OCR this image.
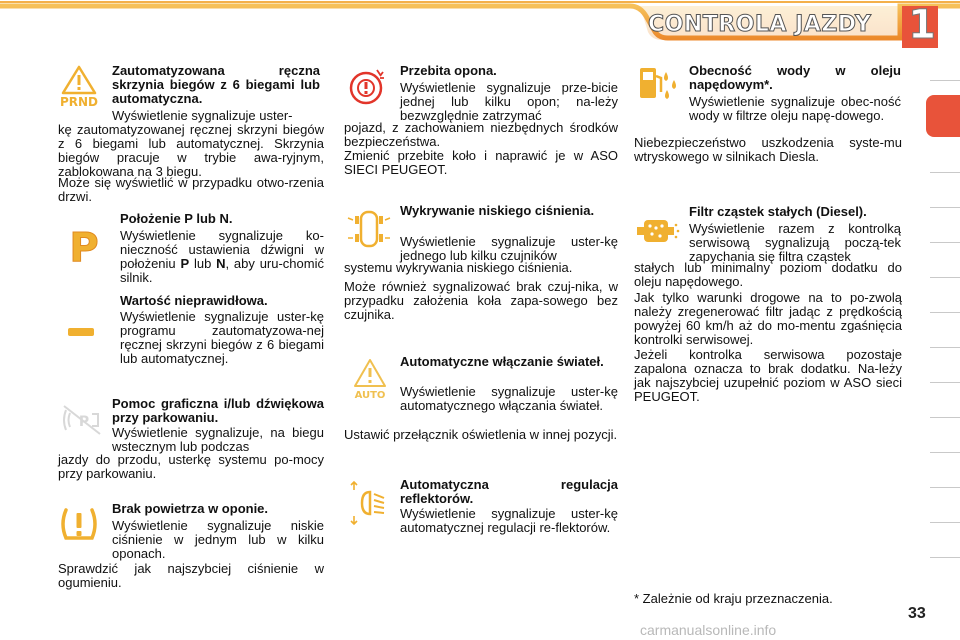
CONTROLA JAZDY 1
PRND
Zautomatyzowana ręczna skrzynia biegów z 6 biegami lub automatyczna.
Wyświetlenie sygnalizuje uster-
kę zautomatyzowanej ręcznej skrzyni biegów z 6 biegami lub automatycznej. Skrzynia biegów pracuje w trybie awa-ryjnym, zablokowana na 3 biegu.
Może się wyświetlić w przypadku otwo-rzenia drzwi.
P
Położenie P lub N.
Wyświetlenie sygnalizuje ko-nieczność ustawienia dźwigni w położeniu P lub N, aby uru-chomić silnik.
Wartość nieprawidłowa.
Wyświetlenie sygnalizuje uster-kę programu zautomatyzowa-nej ręcznej skrzyni biegów z 6 biegami lub automatycznej.
P
Pomoc graficzna i/lub dźwiękowa przy parkowaniu.
Wyświetlenie sygnalizuje, na biegu wstecznym lub podczas
jazdy do przodu, usterkę systemu po-mocy przy parkowaniu.
Brak powietrza w oponie.
Wyświetlenie sygnalizuje niskie ciśnienie w jednym lub w kilku oponach.
Sprawdzić jak najszybciej ciśnienie w ogumieniu.
Przebita opona.
Wyświetlenie sygnalizuje prze-bicie jednej lub kilku opon; na-leży bezwzględnie zatrzymać
pojazd, z zachowaniem niezbędnych środków bezpieczeństwa.
Zmienić przebite koło i naprawić je w ASO SIECI PEUGEOT.
Wykrywanie niskiego ciśnienia.
Wyświetlenie sygnalizuje uster-kę jednego lub kilku czujników
systemu wykrywania niskiego ciśnienia.
Może również sygnalizować brak czuj-nika, w przypadku założenia koła zapa-sowego bez czujnika.
AUTO
Automatyczne włączanie świateł.
Wyświetlenie sygnalizuje uster-kę automatycznego włączania świateł.
Ustawić przełącznik oświetlenia w innej pozycji.
Automatyczna regulacja reflektorów.
Wyświetlenie sygnalizuje uster-kę automatycznej regulacji re-flektorów.
Obecność wody w oleju napędowym*.
Wyświetlenie sygnalizuje obec-ność wody w filtrze oleju napę-dowego.
Niebezpieczeństwo uszkodzenia syste-mu wtryskowego w silnikach Diesla.
Filtr cząstek stałych (Diesel).
Wyświetlenie razem z kontrolką serwisową sygnalizują począ-tek zapychania się filtra cząstek
stałych lub minimalny poziom dodatku do oleju napędowego.
Jak tylko warunki drogowe na to po-zwolą należy zregenerować filtr jadąc z prędkością powyżej 60 km/h aż do mo-mentu zgaśnięcia kontrolki serwisowej.
Jeżeli kontrolka serwisowa pozostaje zapalona oznacza to brak dodatku. Na-leży jak najszybciej uzupełnić poziom w ASO sieci PEUGEOT.
* Zależnie od kraju przeznaczenia.
33
carmanualsonline.info
